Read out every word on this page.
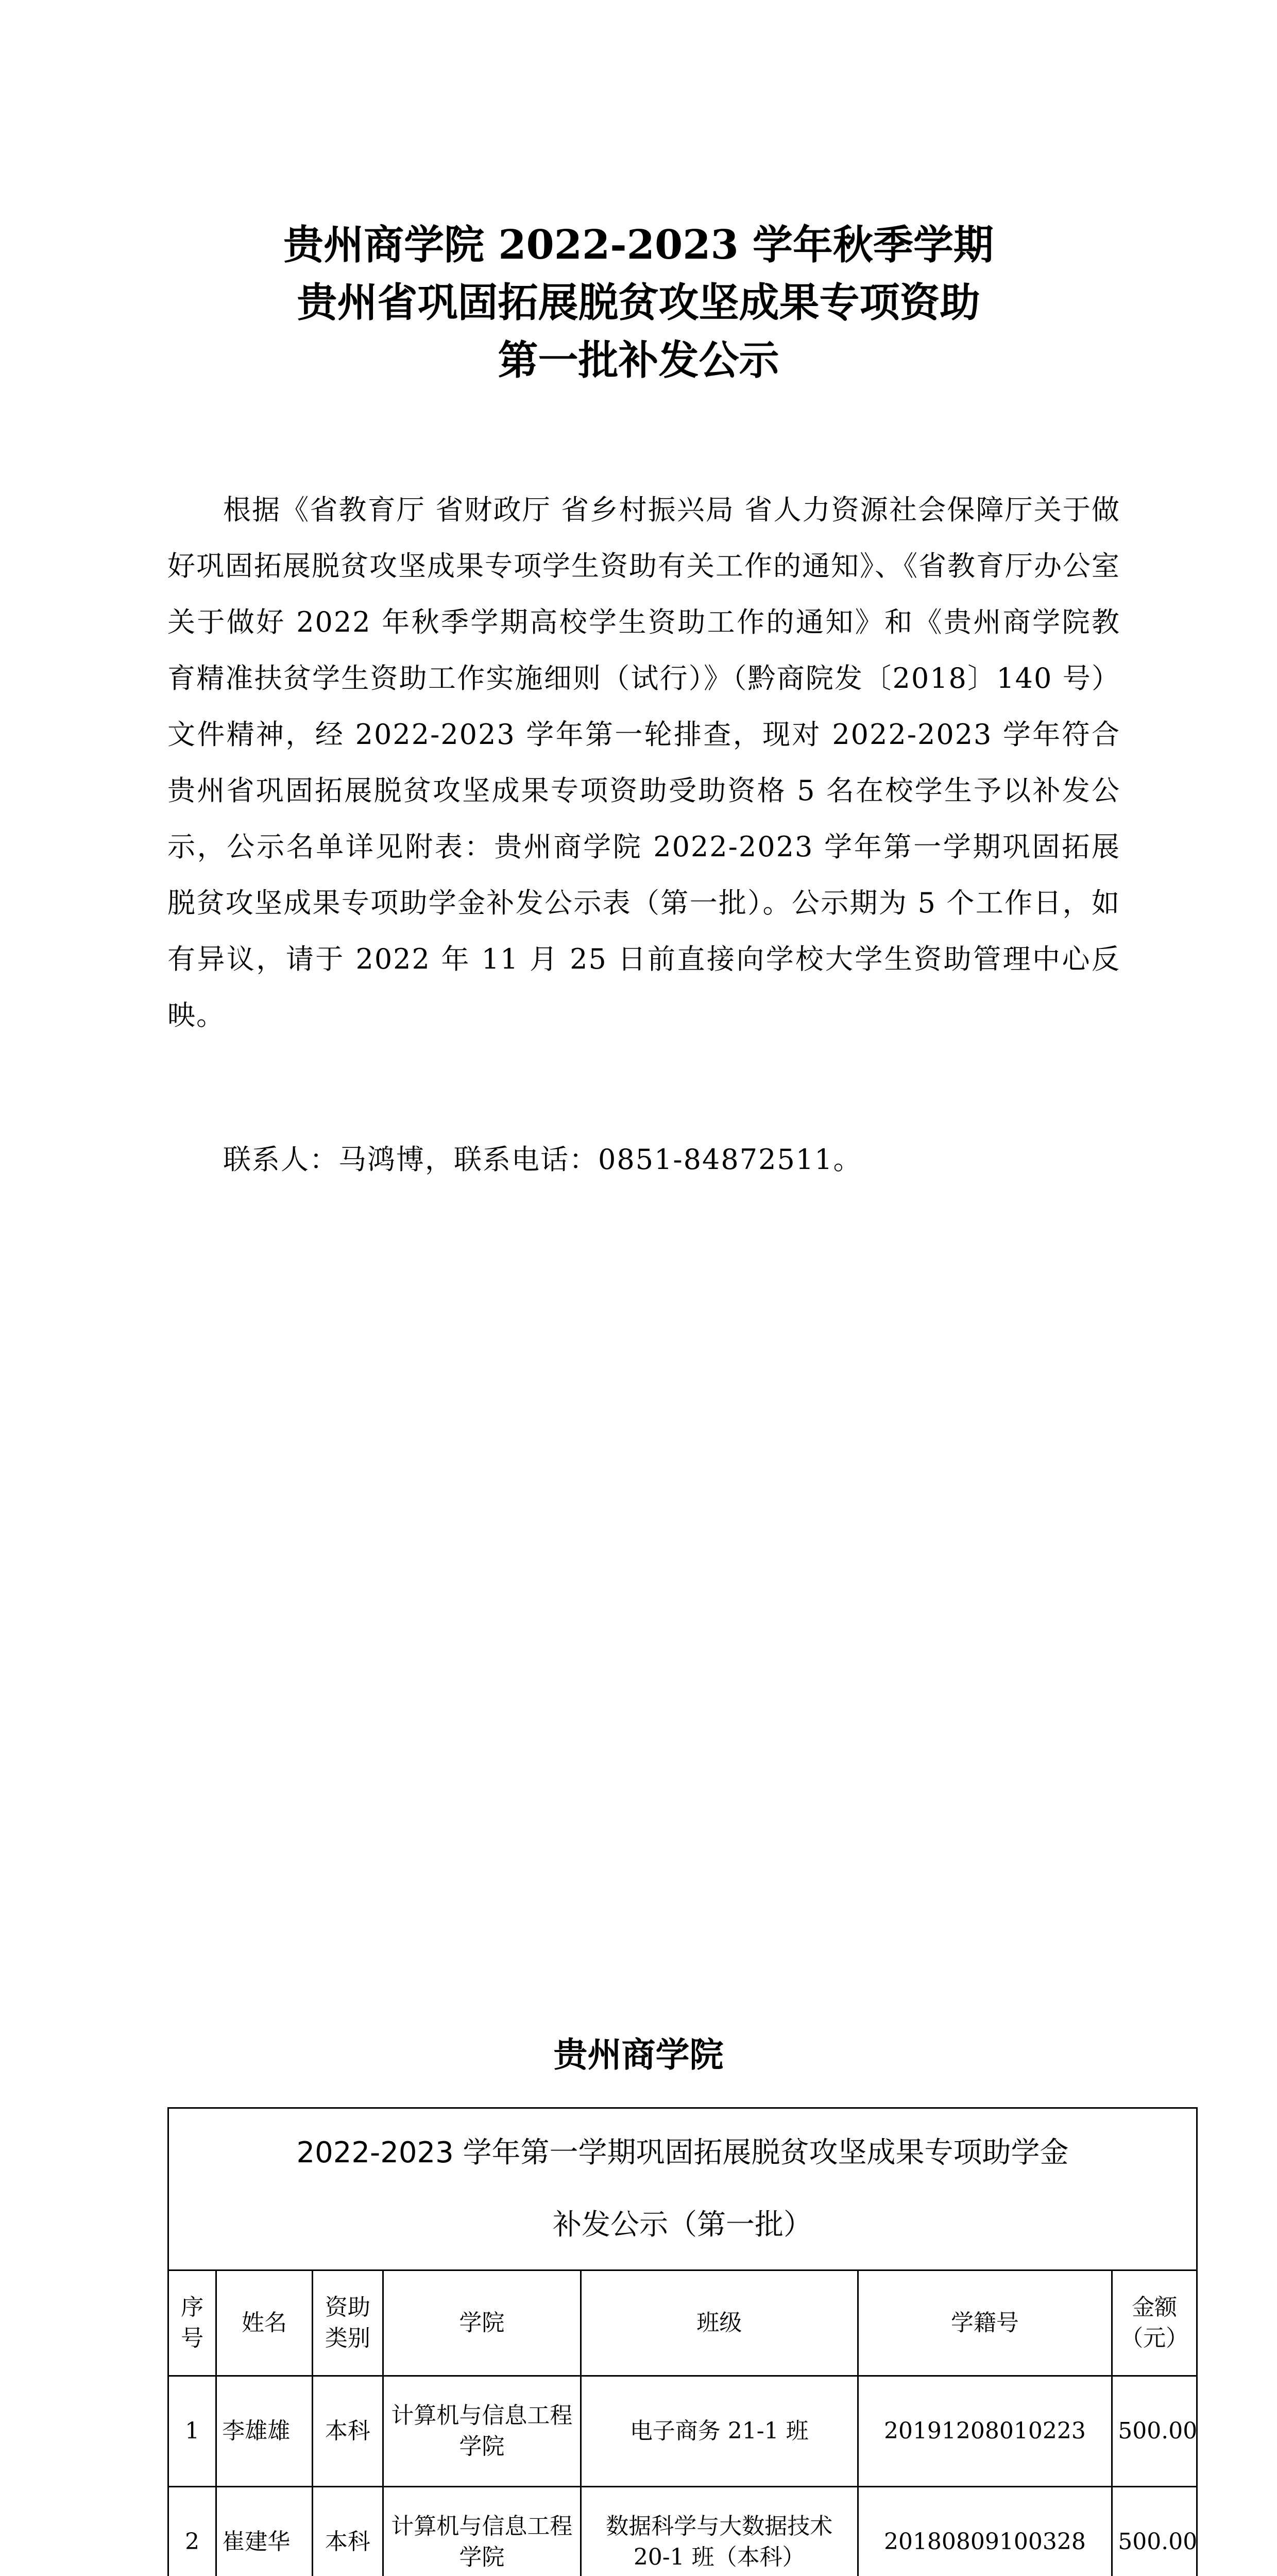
贵州商学院 2022-2023 学年秋季学期
贵州省巩固拓展脱贫攻坚成果专项资助
第一批补发公示

根据《省教育厅 省财政厅 省乡村振兴局 省人力资源社会保障厅关于做好巩固拓展脱贫攻坚成果专项学生资助有关工作的通知》、《省教育厅办公室关于做好 2022 年秋季学期高校学生资助工作的通知》和《贵州商学院教育精准扶贫学生资助工作实施细则（试行）》（黔商院发〔2018〕140 号）文件精神，经 2022-2023 学年第一轮排查，现对 2022-2023 学年符合贵州省巩固拓展脱贫攻坚成果专项资助受助资格 5 名在校学生予以补发公示，公示名单详见附表：贵州商学院 2022-2023 学年第一学期巩固拓展脱贫攻坚成果专项助学金补发公示表（第一批）。公示期为 5 个工作日，如有异议，请于 2022 年 11 月 25 日前直接向学校大学生资助管理中心反映。

联系人：马鸿博，联系电话：0851-84872511。

贵州商学院
2022-2023 学年第一学期巩固拓展脱贫攻坚成果专项助学金
补发公示（第一批）						

序号	姓名	资助类别	学院	班级	学籍号	金额（元）
1	李雄雄	本科	计算机与信息工程学院	电子商务 21-1 班	20191208010223	500.00
2	崔建华	本科	计算机与信息工程学院	数据科学与大数据技术 20-1 班（本科）	20180809100328	500.00
